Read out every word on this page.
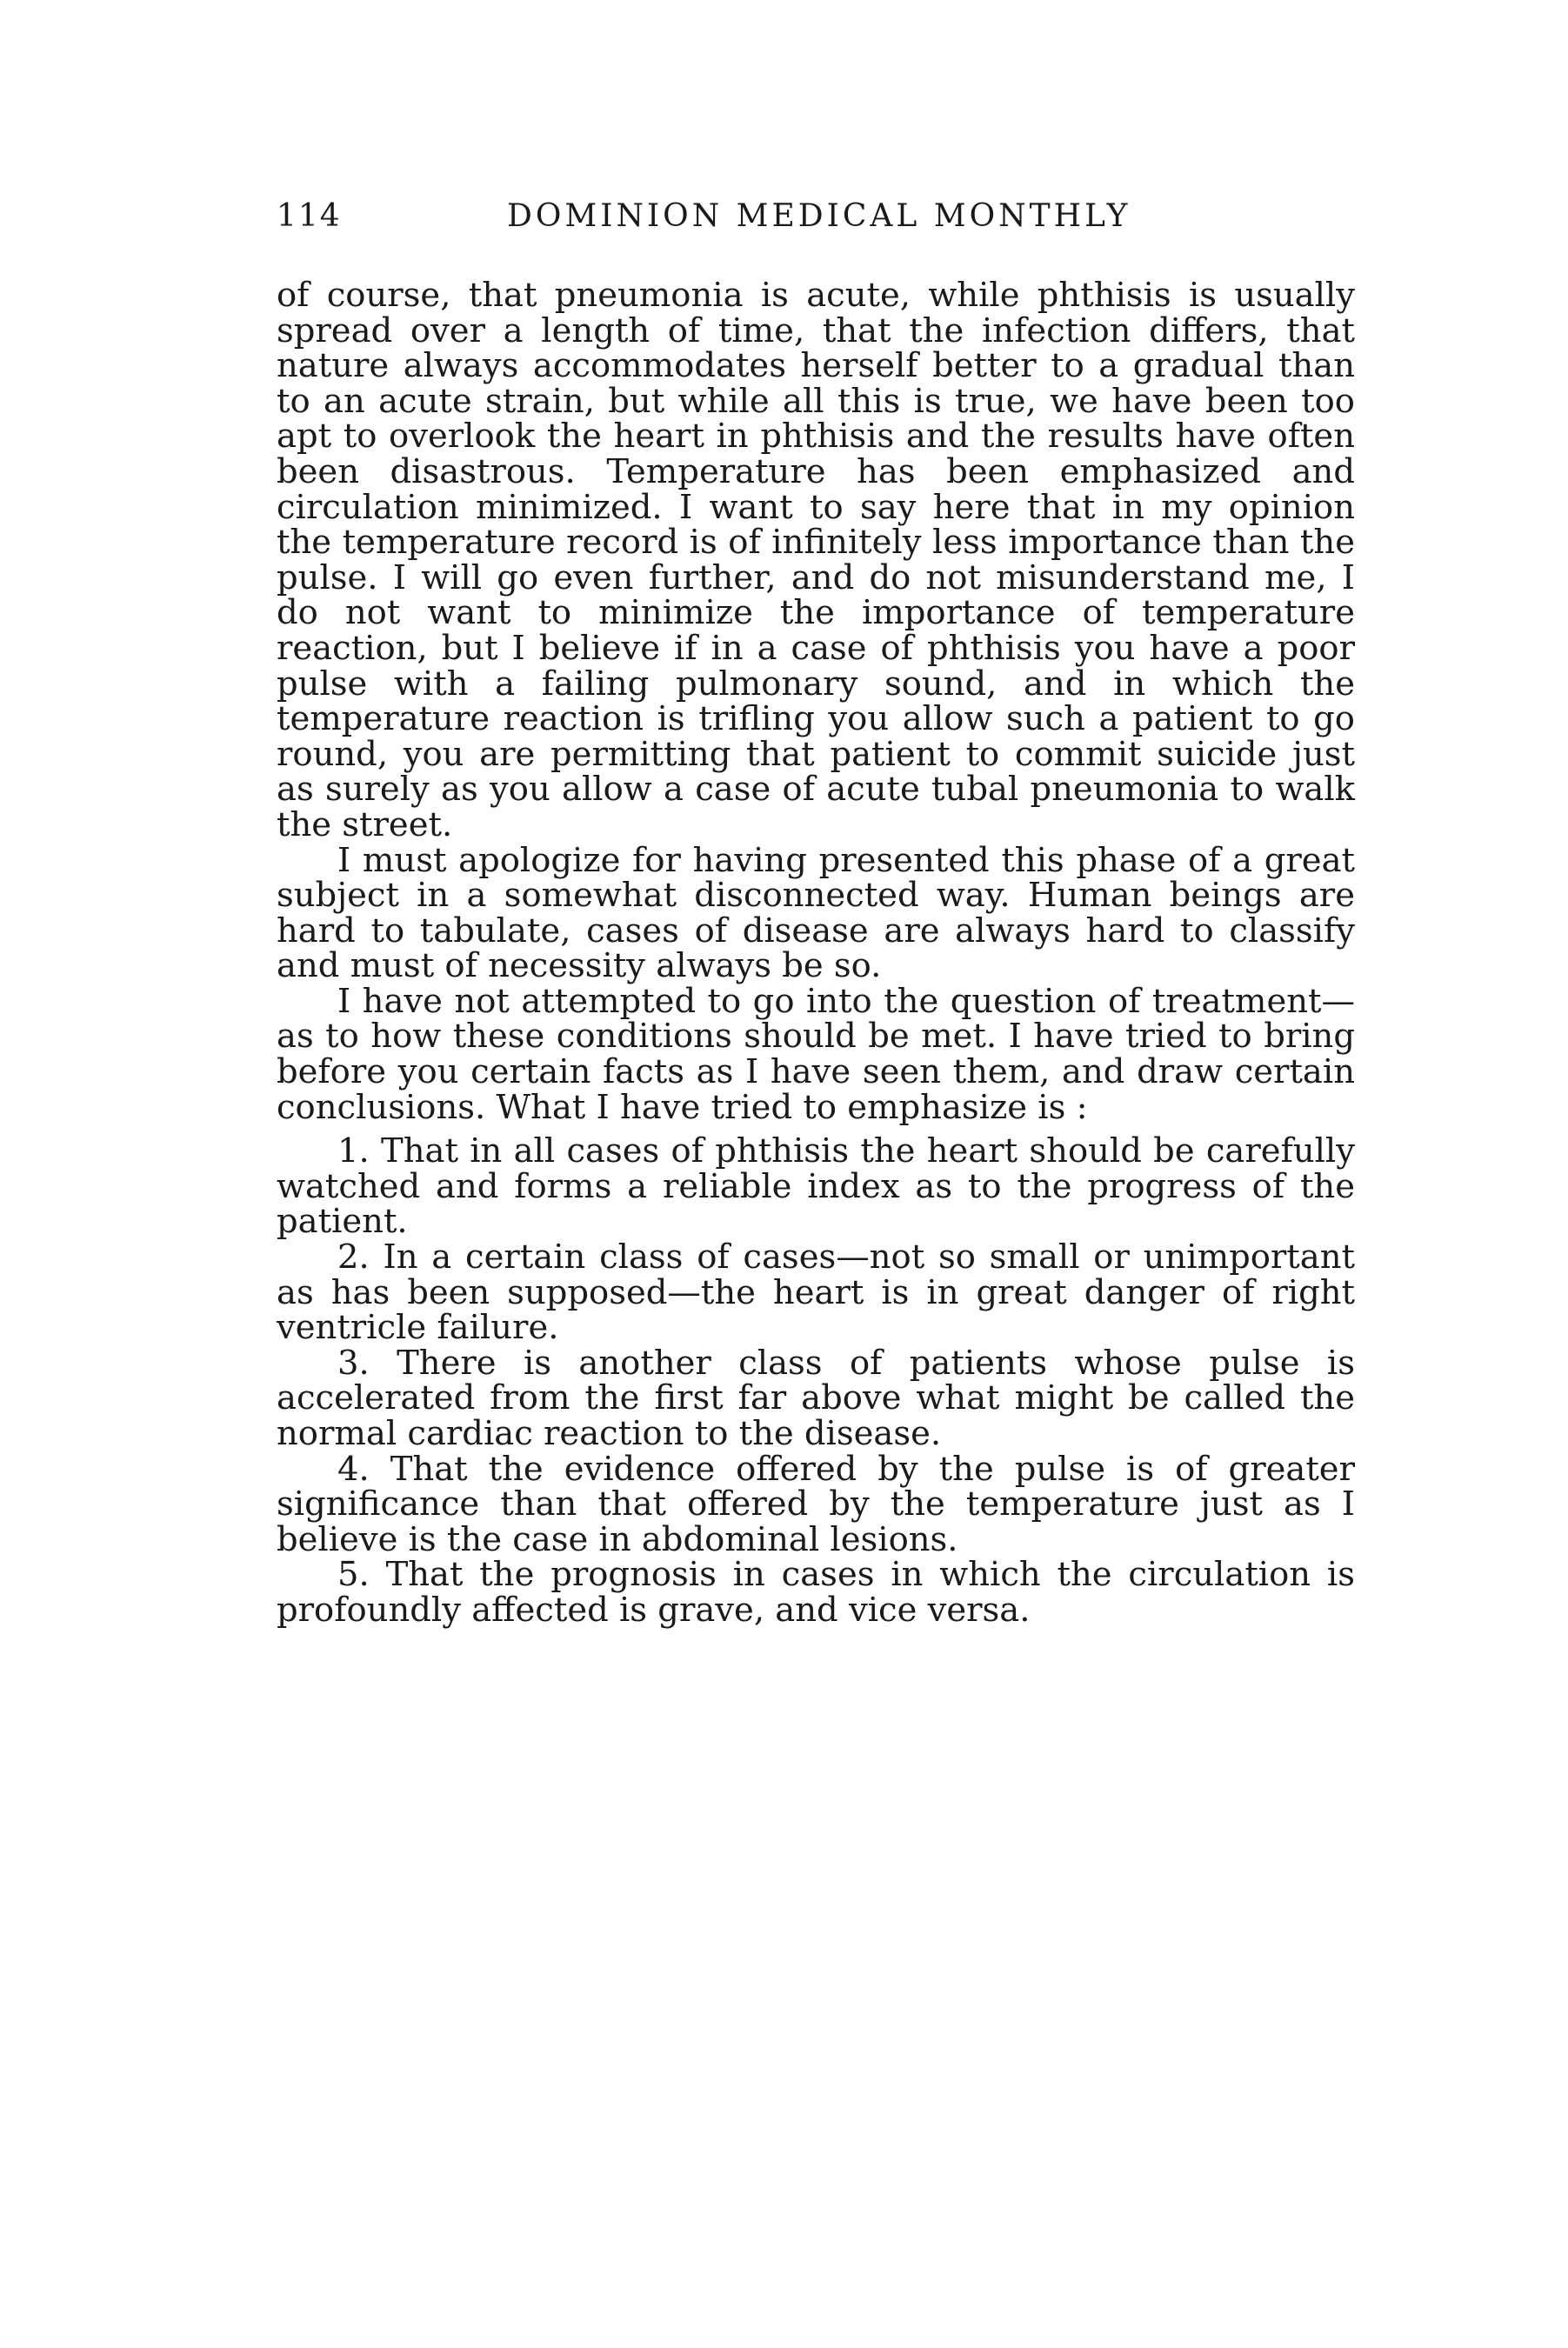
114	DOMINION MEDICAL MONTHLY

of course, that pneumonia is acute, while phthisis is usually spread over a length of time, that the infection differs, that nature always accommodates herself better to a gradual than to an acute strain, but while all this is true, we have been too apt to overlook the heart in phthisis and the results have often been disastrous. Temperature has been emphasized and circulation minimized. I want to say here that in my opinion the temperature record is of infinitely less importance than the pulse. I will go even further, and do not misunderstand me, I do not want to minimize the importance of temperature reaction, but I believe if in a case of phthisis you have a poor pulse with a failing pulmonary sound, and in which the temperature reaction is trifling you allow such a patient to go round, you are permitting that patient to commit suicide just as surely as you allow a case of acute tubal pneumonia to walk the street.

I must apologize for having presented this phase of a great subject in a somewhat disconnected way. Human beings are hard to tabulate, cases of disease are always hard to classify and must of necessity always be so.

I have not attempted to go into the question of treatment—as to how these conditions should be met. I have tried to bring before you certain facts as I have seen them, and draw certain conclusions. What I have tried to emphasize is :

1. That in all cases of phthisis the heart should be carefully watched and forms a reliable index as to the progress of the patient.

2. In a certain class of cases—not so small or unimportant as has been supposed—the heart is in great danger of right ventricle failure.

3. There is another class of patients whose pulse is accelerated from the first far above what might be called the normal cardiac reaction to the disease.

4. That the evidence offered by the pulse is of greater significance than that offered by the temperature just as I believe is the case in abdominal lesions.

5. That the prognosis in cases in which the circulation is profoundly affected is grave, and vice versa.
